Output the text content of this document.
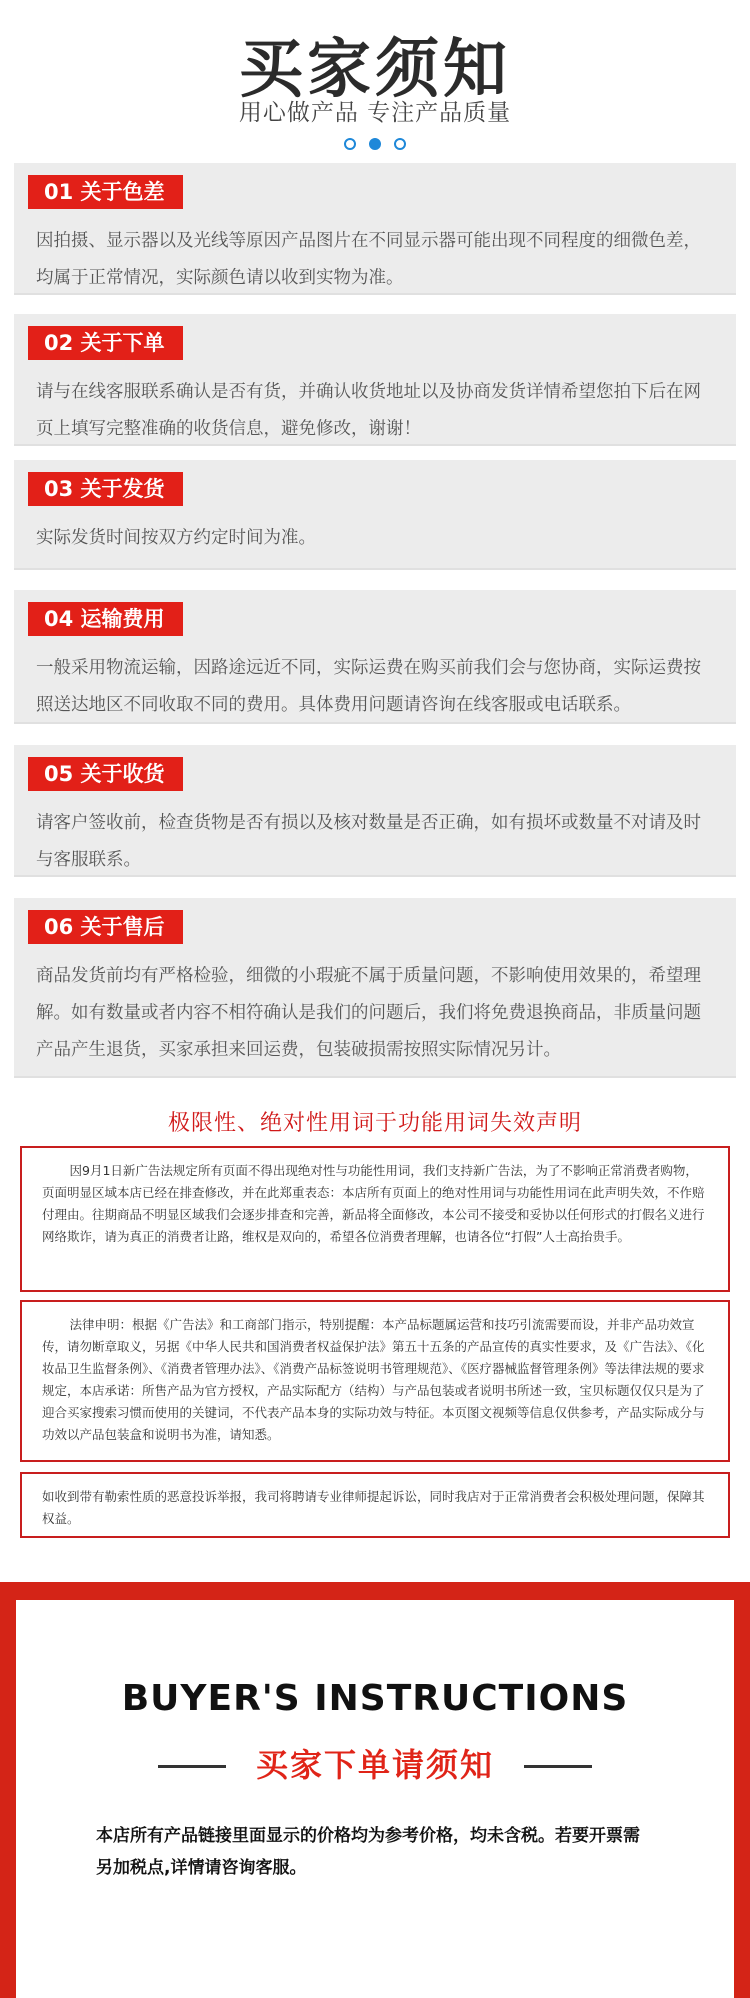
买家须知
用心做产品 专注产品质量

01 关于色差
因拍摄、显示器以及光线等原因产品图片在不同显示器可能出现不同程度的细微色差，均属于正常情况，实际颜色请以收到实物为准。
02 关于下单
请与在线客服联系确认是否有货，并确认收货地址以及协商发货详情希望您拍下后在网页上填写完整准确的收货信息，避免修改，谢谢！
03 关于发货
实际发货时间按双方约定时间为准。
04 运输费用
一般采用物流运输，因路途远近不同，实际运费在购买前我们会与您协商，实际运费按照送达地区不同收取不同的费用。具体费用问题请咨询在线客服或电话联系。
05 关于收货
请客户签收前，检查货物是否有损以及核对数量是否正确，如有损坏或数量不对请及时与客服联系。
06 关于售后
商品发货前均有严格检验，细微的小瑕疵不属于质量问题，不影响使用效果的，希望理解。如有数量或者内容不相符确认是我们的问题后，我们将免费退换商品，非质量问题产品产生退货，买家承担来回运费，包装破损需按照实际情况另计。
极限性、绝对性用词于功能用词失效声明

因9月1日新广告法规定所有页面不得出现绝对性与功能性用词，我们支持新广告法，为了不影响正常消费者购物，页面明显区域本店已经在排查修改，并在此郑重表态：本店所有页面上的绝对性用词与功能性用词在此声明失效，不作赔付理由。往期商品不明显区域我们会逐步排查和完善，新品将全面修改，本公司不接受和妥协以任何形式的打假名义进行网络欺诈，请为真正的消费者让路，维权是双向的，希望各位消费者理解，也请各位“打假”人士高抬贵手。

法律申明：根据《广告法》和工商部门指示，特别提醒：本产品标题属运营和技巧引流需要而设，并非产品功效宣传，请勿断章取义，另据《中华人民共和国消费者权益保护法》第五十五条的产品宣传的真实性要求，及《广告法》、《化妆品卫生监督条例》、《消费者管理办法》、《消费产品标签说明书管理规范》、《医疗器械监督管理条例》等法律法规的要求规定，本店承诺：所售产品为官方授权，产品实际配方（结构）与产品包装或者说明书所述一致，宝贝标题仅仅只是为了迎合买家搜索习惯而使用的关键词，不代表产品本身的实际功效与特征。本页图文视频等信息仅供参考，产品实际成分与功效以产品包装盒和说明书为准，请知悉。

如收到带有勒索性质的恶意投诉举报，我司将聘请专业律师提起诉讼，同时我店对于正常消费者会积极处理问题，保障其权益。

BUYER'S INSTRUCTIONS
买家下单请须知
本店所有产品链接里面显示的价格均为参考价格，均未含税。若要开票需另加税点,详情请咨询客服。
